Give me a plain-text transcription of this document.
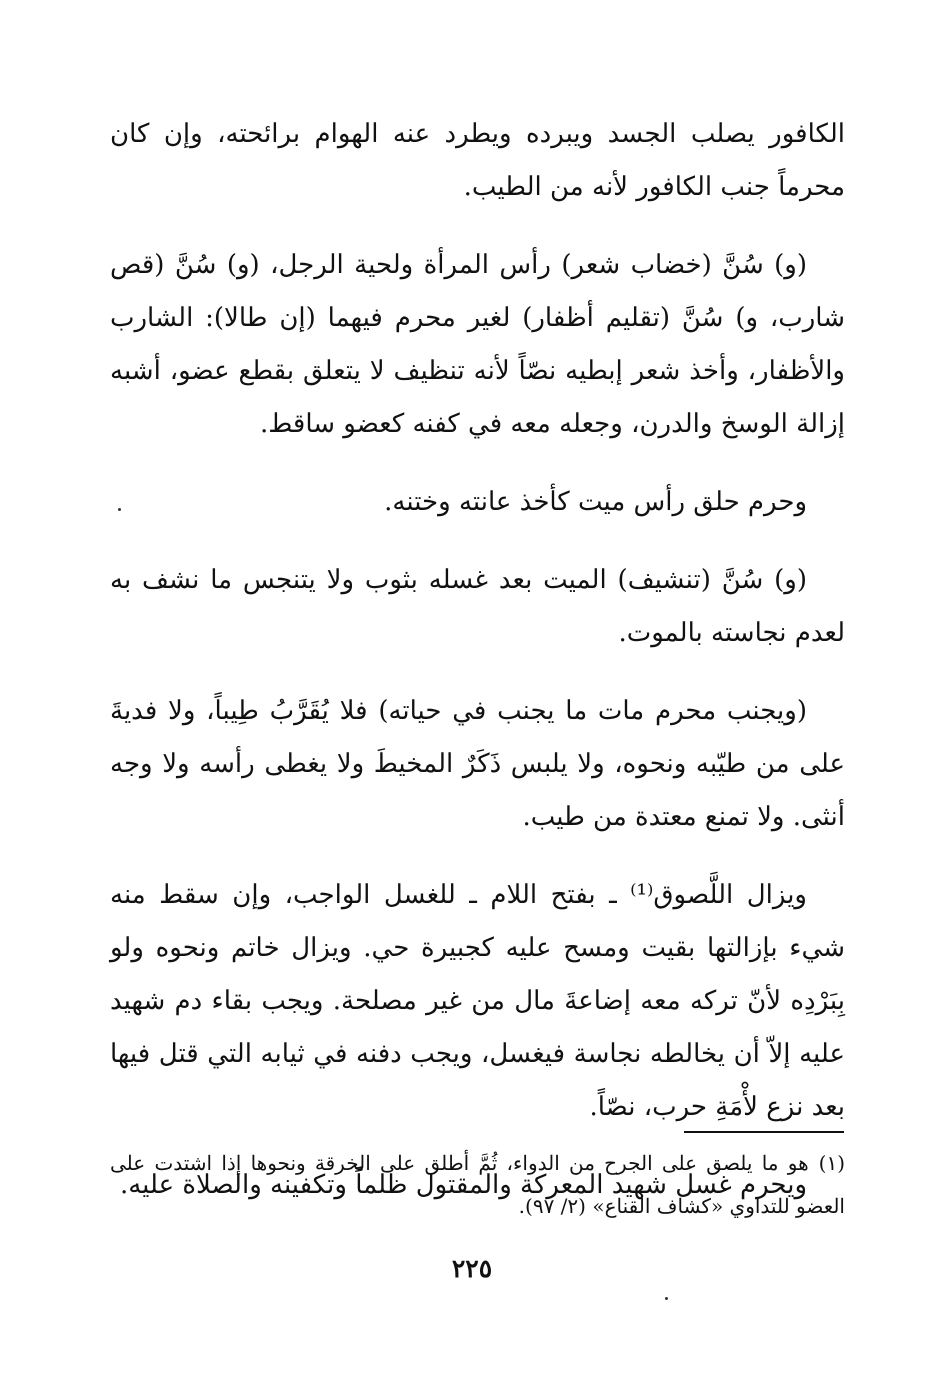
الكافور يصلب الجسد ويبرده ويطرد عنه الهوام برائحته، وإن كان محرماً جنب الكافور لأنه من الطيب.

(و) سُنَّ (خضاب شعر) رأس المرأة ولحية الرجل، (و) سُنَّ (قص شارب، و) سُنَّ (تقليم أظفار) لغير محرم فيهما (إن طالا): الشارب والأظفار، وأخذ شعر إبطيه نصّاً لأنه تنظيف لا يتعلق بقطع عضو، أشبه إزالة الوسخ والدرن، وجعله معه في كفنه كعضو ساقط.

وحرم حلق رأس ميت كأخذ عانته وختنه.

(و) سُنَّ (تنشيف) الميت بعد غسله بثوب ولا يتنجس ما نشف به لعدم نجاسته بالموت.

(ويجنب محرم مات ما يجنب في حياته) فلا يُقَرَّبُ طِيباً، ولا فديةَ على من طيّبه ونحوه، ولا يلبس ذَكَرٌ المخيطَ ولا يغطى رأسه ولا وجه أنثى. ولا تمنع معتدة من طيب.

ويزال اللَّصوق⁽¹⁾ ـ بفتح اللام ـ للغسل الواجب، وإن سقط منه شيء بإزالتها بقيت ومسح عليه كجبيرة حي. ويزال خاتم ونحوه ولو بِبَرْدِه لأنّ تركه معه إضاعةَ مال من غير مصلحة. ويجب بقاء دم شهيد عليه إلاّ أن يخالطه نجاسة فيغسل، ويجب دفنه في ثيابه التي قتل فيها بعد نزع لأْمَةِ حرب، نصّاً.

ويحرم غسل شهيد المعركة والمقتول ظلماً وتكفينه والصلاة عليه.

(١)هو ما يلصق على الجرح من الدواء، ثُمَّ أطلق على الخرقة ونحوها إذا اشتدت على العضو للتداوي «كشاف القناع» (٢/ ٩٧).
٢٢٥
